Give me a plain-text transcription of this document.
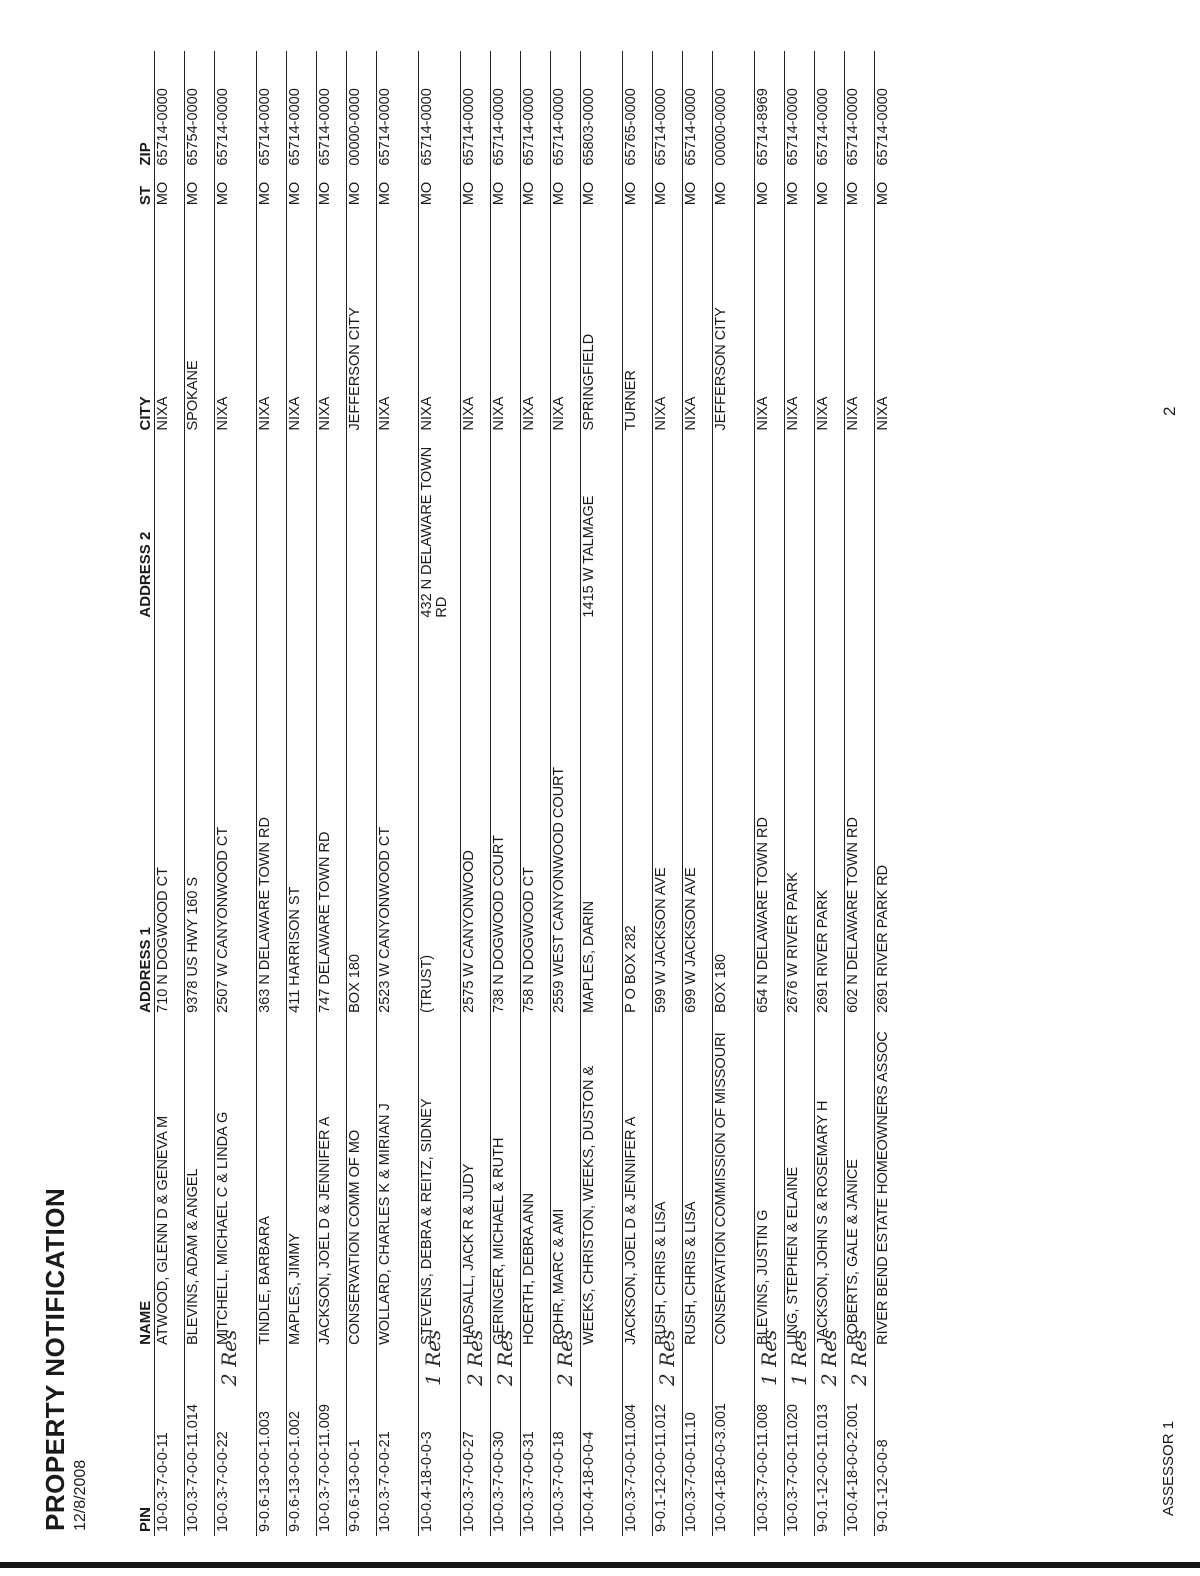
PROPERTY NOTIFICATION 12/8/2008	PIN	NAME	ADDRESS 1	ADDRESS 2	CITY	ST	ZIP
10-0.3-7-0-0-11	ATWOOD, GLENN D & GENEVA M	710 N DOGWOOD CT		NIXA	MO	65714-0000
10-0.3-7-0-0-11.014	BLEVINS, ADAM & ANGEL	9378 US HWY 160 S		SPOKANE	MO	65754-0000
10-0.3-7-0-0-22	MITCHELL, MICHAEL C & LINDA G	2507 W CANYONWOOD CT		NIXA	MO	65714-0000
9-0.6-13-0-0-1.003	TINDLE, BARBARA	363 N DELAWARE TOWN RD		NIXA	MO	65714-0000
9-0.6-13-0-0-1.002	MAPLES, JIMMY	411 HARRISON ST		NIXA	MO	65714-0000
10-0.3-7-0-0-11.009	JACKSON, JOEL D & JENNIFER A	747 DELAWARE TOWN RD		NIXA	MO	65714-0000
9-0.6-13-0-0-1	CONSERVATION COMM OF MO	BOX 180		JEFFERSON CITY	MO	00000-0000
10-0.3-7-0-0-21	WOLLARD, CHARLES K & MIRIAN J	2523 W CANYONWOOD CT		NIXA	MO	65714-0000
10-0.4-18-0-0-3	STEVENS, DEBRA & REITZ, SIDNEY	(TRUST)	432 N DELAWARE TOWN RD	NIXA	MO	65714-0000
10-0.3-7-0-0-27	HADSALL, JACK R & JUDY	2575 W CANYONWOOD		NIXA	MO	65714-0000
10-0.3-7-0-0-30	GERINGER, MICHAEL & RUTH	738 N DOGWOOD COURT		NIXA	MO	65714-0000
10-0.3-7-0-0-31	HOERTH, DEBRA ANN	758 N DOGWOOD CT		NIXA	MO	65714-0000
10-0.3-7-0-0-18	ROHR, MARC & AMI	2559 WEST CANYONWOOD COURT		NIXA	MO	65714-0000
10-0.4-18-0-0-4	WEEKS, CHRISTON, WEEKS, DUSTON &	MAPLES, DARIN	1415 W TALMAGE	SPRINGFIELD	MO	65803-0000
10-0.3-7-0-0-11.004	JACKSON, JOEL D & JENNIFER A	P O BOX 282		TURNER	MO	65765-0000
9-0.1-12-0-0-11.012	RUSH, CHRIS & LISA	599 W JACKSON AVE		NIXA	MO	65714-0000
10-0.3-7-0-0-11.10	RUSH, CHRIS & LISA	699 W JACKSON AVE		NIXA	MO	65714-0000
10-0.4-18-0-0-3.001	CONSERVATION COMMISSION OF MISSOURI	BOX 180		JEFFERSON CITY	MO	00000-0000
10-0.3-7-0-0-11.008	BLEVINS, JUSTIN G	654 N DELAWARE TOWN RD		NIXA	MO	65714-8969
10-0.3-7-0-0-11.020	UNG, STEPHEN & ELAINE	2676 W RIVER PARK		NIXA	MO	65714-0000
9-0.1-12-0-0-11.013	JACKSON, JOHN S & ROSEMARY H	2691 RIVER PARK		NIXA	MO	65714-0000
10-0.4-18-0-0-2.001	ROBERTS, GALE & JANICE	602 N DELAWARE TOWN RD		NIXA	MO	65714-0000
9-0.1-12-0-0-8	RIVER BEND ESTATE HOMEOWNERS ASSOC	2691 RIVER PARK RD		NIXA	MO	65714-0000
ASSESSOR 1
2
2 Res	1 Res 2 Res 2 Res 2 Res	2 Res	1 Res 1 Res 2 Res 2 Res
